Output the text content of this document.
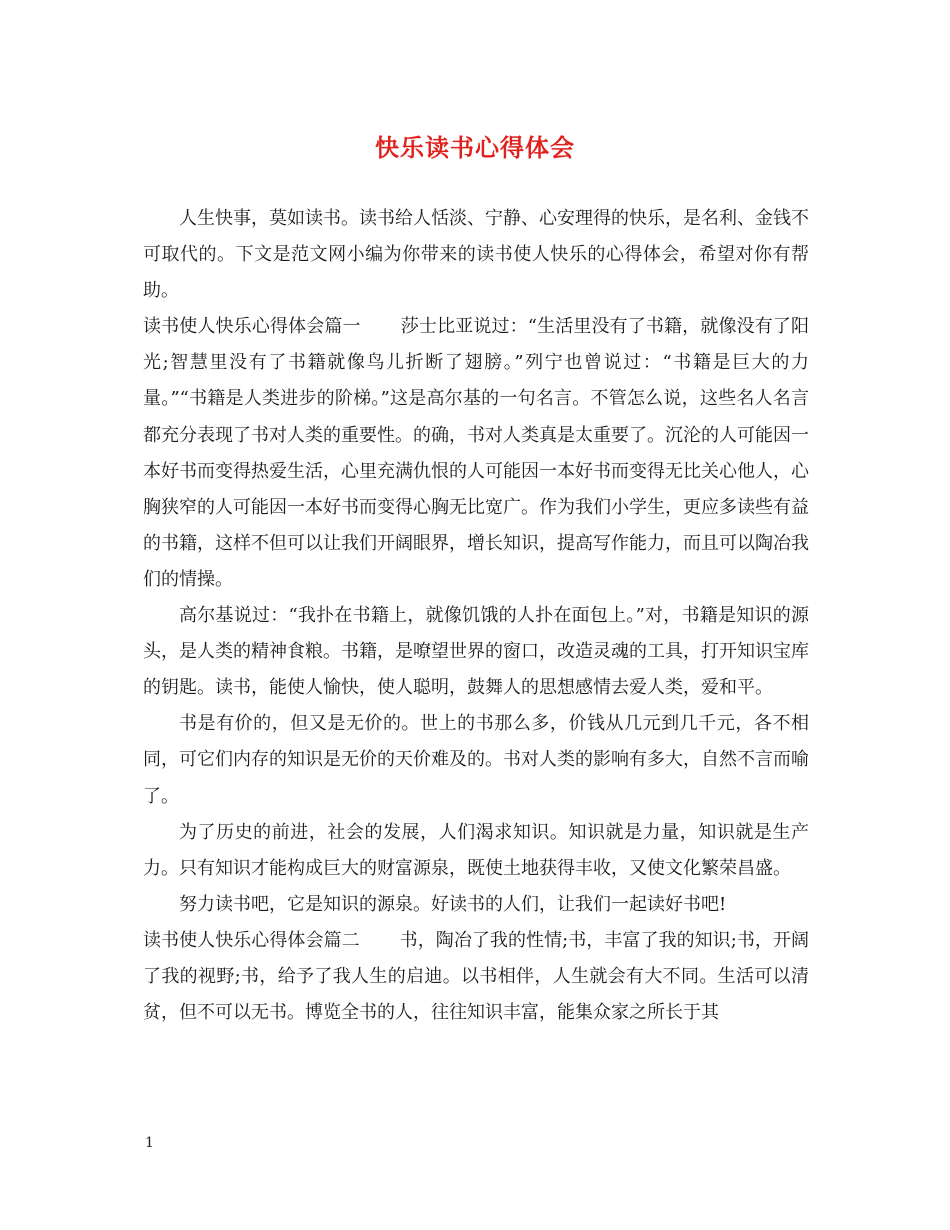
快乐读书心得体会

人生快事，莫如读书。读书给人恬淡、宁静、心安理得的快乐，是名利、金钱不可取代的。下文是范文网小编为你带来的读书使人快乐的心得体会，希望对你有帮助。

读书使人快乐心得体会篇一 莎士比亚说过：“生活里没有了书籍，就像没有了阳光;智慧里没有了书籍就像鸟儿折断了翅膀。”列宁也曾说过：“书籍是巨大的力量。”“书籍是人类进步的阶梯。”这是高尔基的一句名言。不管怎么说，这些名人名言都充分表现了书对人类的重要性。的确，书对人类真是太重要了。沉沦的人可能因一本好书而变得热爱生活，心里充满仇恨的人可能因一本好书而变得无比关心他人，心胸狭窄的人可能因一本好书而变得心胸无比宽广。作为我们小学生，更应多读些有益的书籍，这样不但可以让我们开阔眼界，增长知识，提高写作能力，而且可以陶冶我们的情操。

高尔基说过：“我扑在书籍上，就像饥饿的人扑在面包上。”对，书籍是知识的源头，是人类的精神食粮。书籍，是嘹望世界的窗口，改造灵魂的工具，打开知识宝库的钥匙。读书，能使人愉快，使人聪明，鼓舞人的思想感情去爱人类，爱和平。

书是有价的，但又是无价的。世上的书那么多，价钱从几元到几千元，各不相同，可它们内存的知识是无价的天价难及的。书对人类的影响有多大，自然不言而喻了。

为了历史的前进，社会的发展，人们渴求知识。知识就是力量，知识就是生产力。只有知识才能构成巨大的财富源泉，既使土地获得丰收，又使文化繁荣昌盛。

努力读书吧，它是知识的源泉。好读书的人们，让我们一起读好书吧!

读书使人快乐心得体会篇二 书，陶冶了我的性情;书，丰富了我的知识;书，开阔了我的视野;书，给予了我人生的启迪。以书相伴，人生就会有大不同。生活可以清贫，但不可以无书。博览全书的人，往往知识丰富，能集众家之所长于其

1
